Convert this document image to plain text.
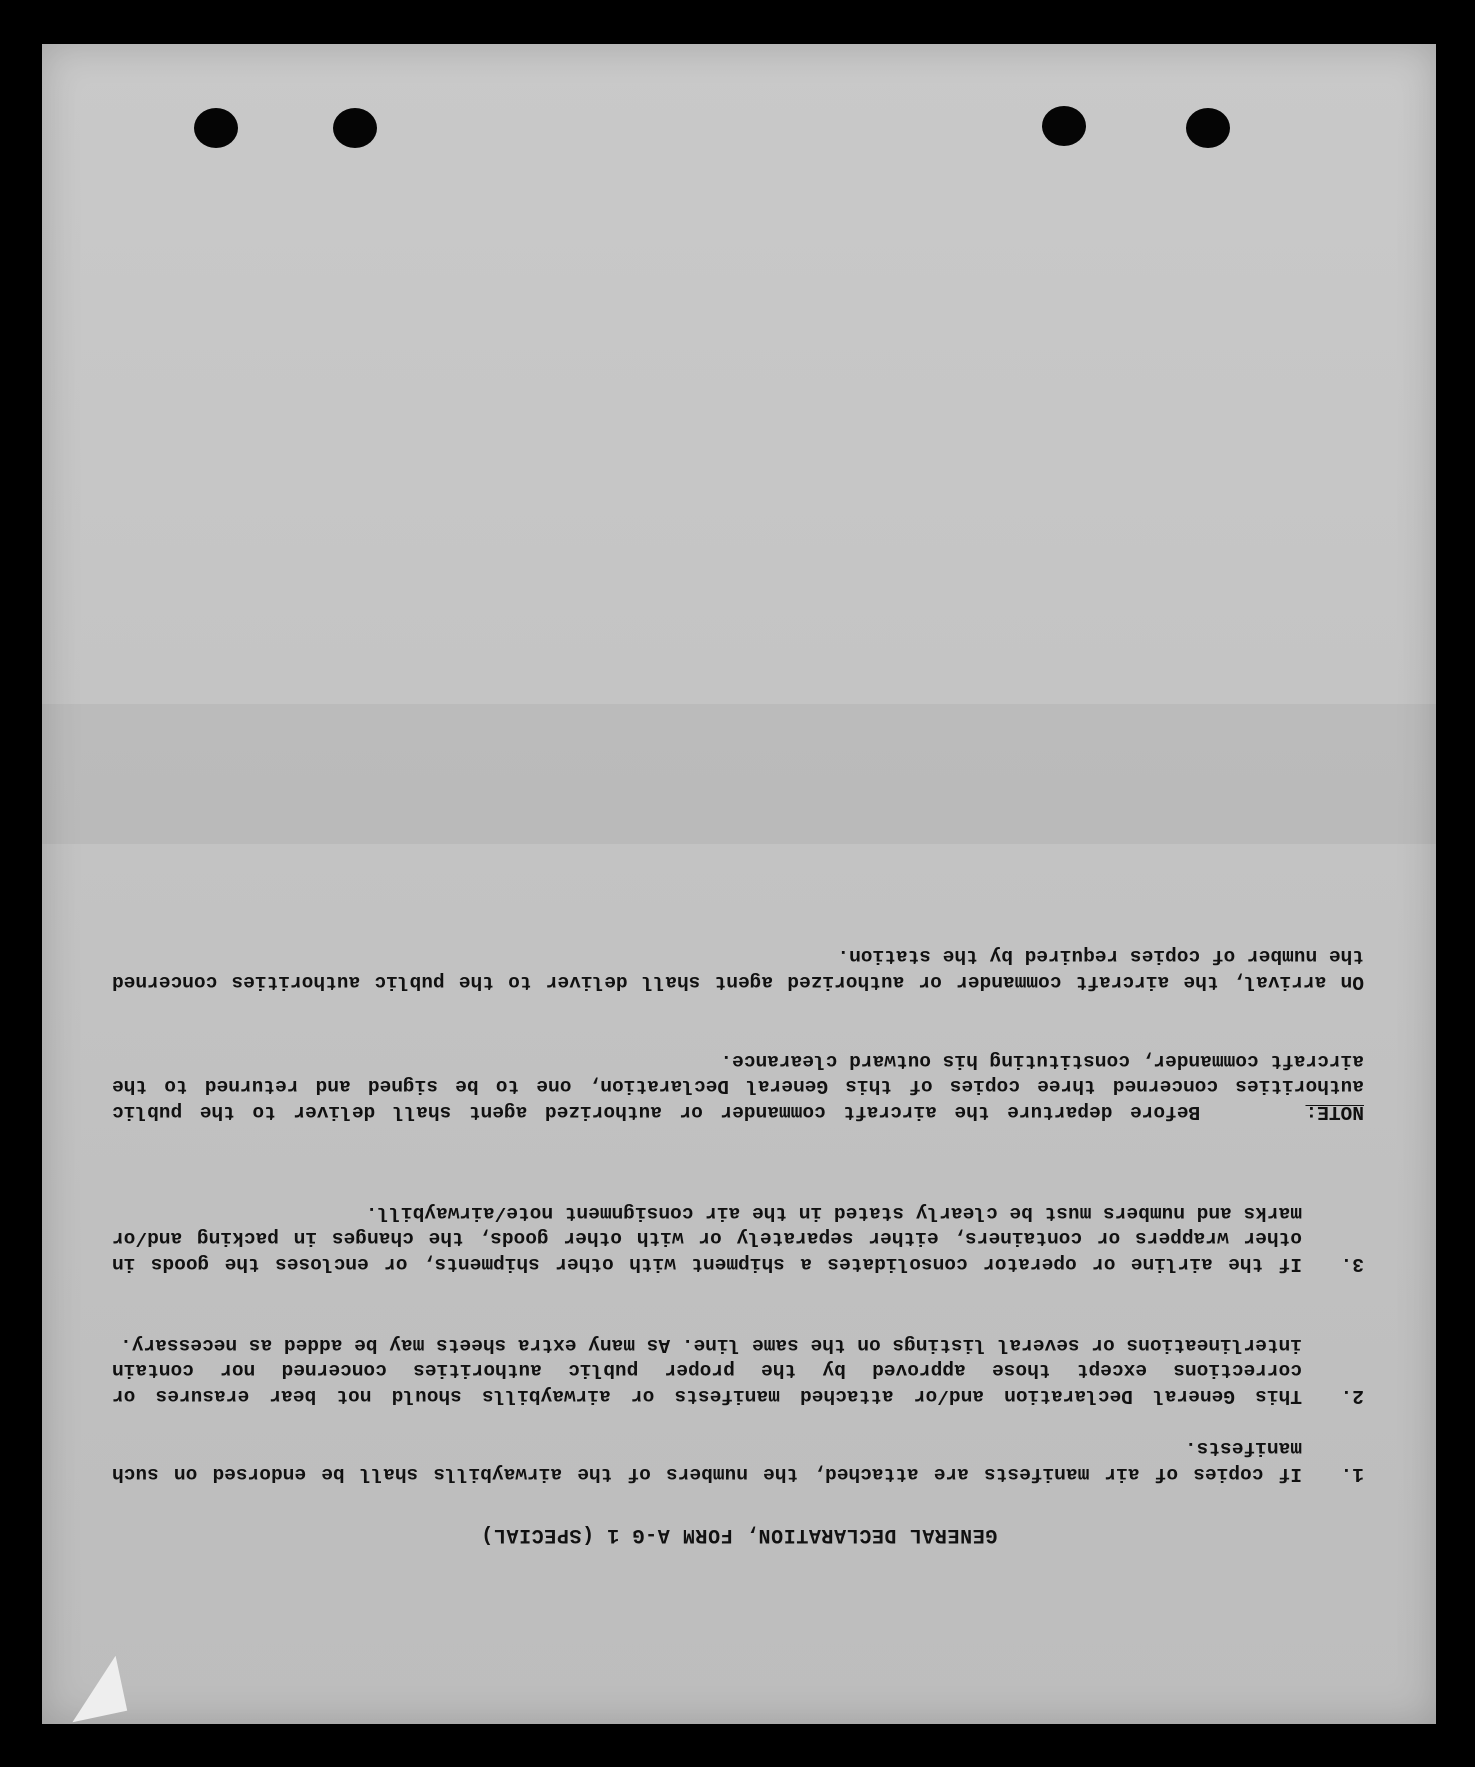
GENERAL DECLARATION, FORM A-G 1 (SPECIAL)
1.
If copies of air manifests are attached, the numbers of the airwaybills shall be endorsed on such manifests.
2.
This General Declaration and/or attached manifests or airwaybills should not bear erasures or corrections except those approved by the proper public authorities concerned nor contain interlineations or several listings on the same line. As many extra sheets may be added as necessary.
3.
If the airline or operator consolidates a shipment with other shipments, or encloses the goods in other wrappers or containers, either separately or with other goods, the changes in packing and/or marks and numbers must be clearly stated in the air consignment note/airwaybill.
NOTE:      Before departure the aircraft commander or authorized agent shall deliver to the public authorities concerned three copies of this General Declaration, one to be signed and returned to the aircraft commander, constituting his outward clearance.
On arrival, the aircraft commander or authorized agent shall deliver to the public authorities concerned the number of copies required by the station.
